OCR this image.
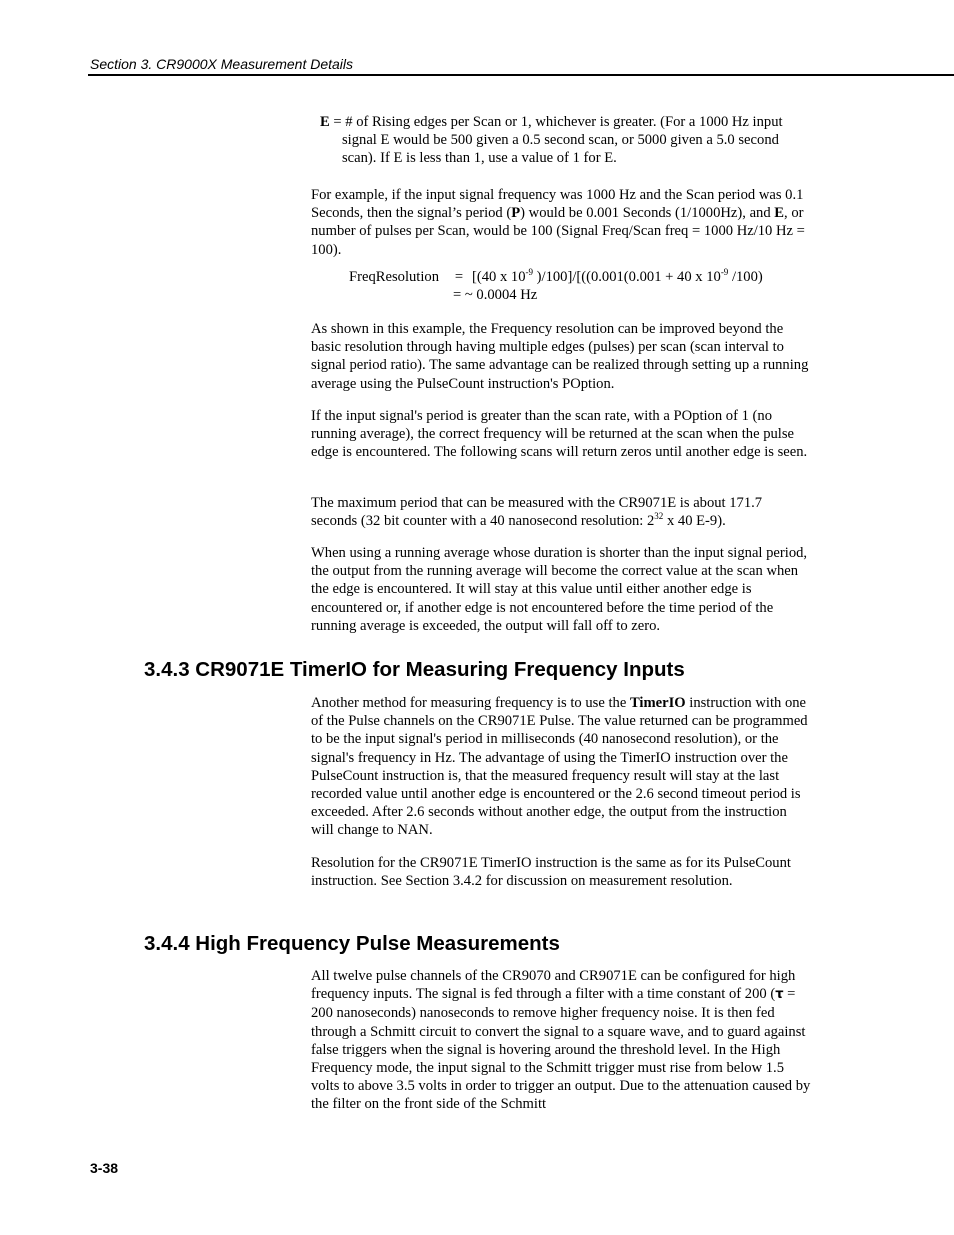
Section 3. CR9000X Measurement Details

E = # of Rising edges per Scan or 1, whichever is greater. (For a 1000 Hz input signal E would be 500 given a 0.5 second scan, or 5000 given a 5.0 second scan). If E is less than 1, use a value of 1 for E.

For example, if the input signal frequency was 1000 Hz and the Scan period was 0.1 Seconds, then the signal’s period (P) would be 0.001 Seconds (1/1000Hz), and E, or number of pulses per Scan, would be 100 (Signal Freq/Scan freq = 1000 Hz/10 Hz = 100).

FreqResolution	= [(40 x $10^{-9}$ )/100]/[((0.001(0.001 + 40 x $10^{-9}$ /100)
= ~ 0.0004 Hz

As shown in this example, the Frequency resolution can be improved beyond the basic resolution through having multiple edges (pulses) per scan (scan interval to signal period ratio). The same advantage can be realized through setting up a running average using the PulseCount instruction's POption.

If the input signal's period is greater than the scan rate, with a POption of 1 (no running average), the correct frequency will be returned at the scan when the pulse edge is encountered. The following scans will return zeros until another edge is seen.

The maximum period that can be measured with the CR9071E is about 171.7 seconds (32 bit counter with a 40 nanosecond resolution: $2^{32}$ x 40 E-9).

When using a running average whose duration is shorter than the input signal period, the output from the running average will become the correct value at the scan when the edge is encountered. It will stay at this value until either another edge is encountered or, if another edge is not encountered before the time period of the running average is exceeded, the output will fall off to zero.

3.4.3 CR9071E TimerIO for Measuring Frequency Inputs

Another method for measuring frequency is to use the TimerIO instruction with one of the Pulse channels on the CR9071E Pulse. The value returned can be programmed to be the input signal's period in milliseconds (40 nanosecond resolution), or the signal's frequency in Hz. The advantage of using the TimerIO instruction over the PulseCount instruction is, that the measured frequency result will stay at the last recorded value until another edge is encountered or the 2.6 second timeout period is exceeded. After 2.6 seconds without another edge, the output from the instruction will change to NAN.

Resolution for the CR9071E TimerIO instruction is the same as for its PulseCount instruction. See Section 3.4.2 for discussion on measurement resolution.

3.4.4 High Frequency Pulse Measurements

All twelve pulse channels of the CR9070 and CR9071E can be configured for high frequency inputs. The signal is fed through a filter with a time constant of 200 (τ = 200 nanoseconds) nanoseconds to remove higher frequency noise. It is then fed through a Schmitt circuit to convert the signal to a square wave, and to guard against false triggers when the signal is hovering around the threshold level. In the High Frequency mode, the input signal to the Schmitt trigger must rise from below 1.5 volts to above 3.5 volts in order to trigger an output. Due to the attenuation caused by the filter on the front side of the Schmitt

3-38
